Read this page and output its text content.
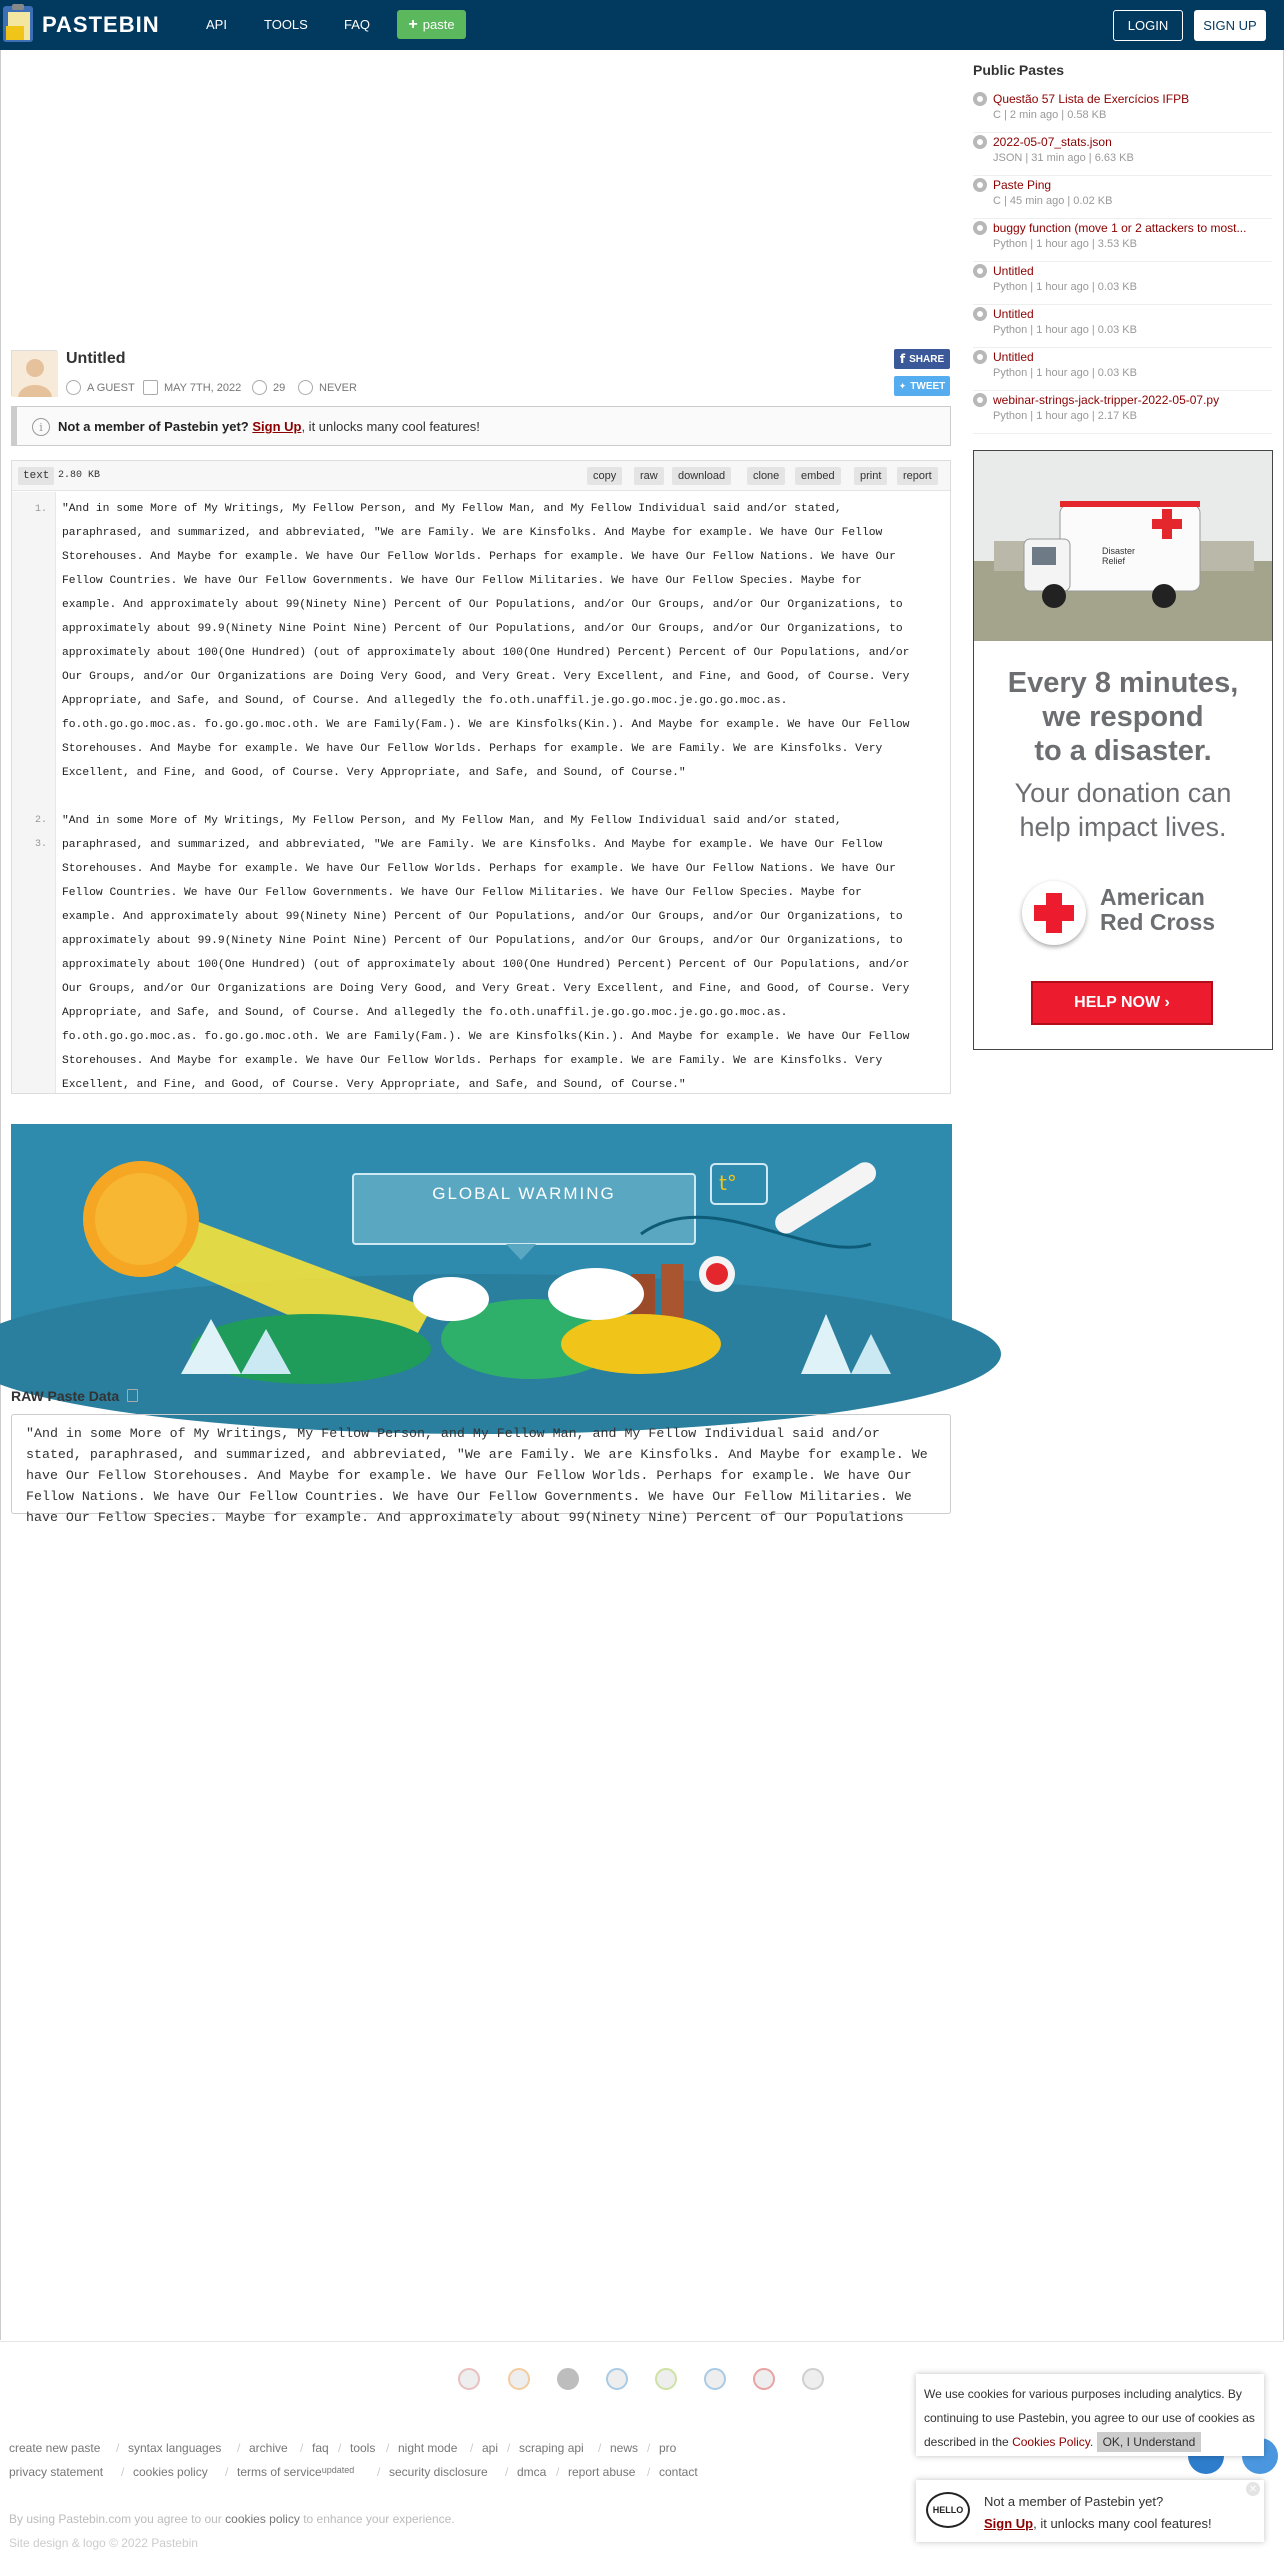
PASTEBIN	API	TOOLS	FAQ + paste	LOGIN	SIGN UP
Untitled
A GUEST	MAY 7TH, 2022	29	NEVER
f SHARE
✦ TWEET
i	Not a member of Pastebin yet? Sign Up, it unlocks many cool features!
text 2.80 KB	copy	raw	download	clone	embed	print	report
1.
2.
3.
"And in some More of My Writings, My Fellow Person, and My Fellow Man, and My Fellow Individual said and/or stated,
paraphrased, and summarized, and abbreviated, "We are Family. We are Kinsfolks. And Maybe for example. We have Our Fellow
Storehouses. And Maybe for example. We have Our Fellow Worlds. Perhaps for example. We have Our Fellow Nations. We have Our
Fellow Countries. We have Our Fellow Governments. We have Our Fellow Militaries. We have Our Fellow Species. Maybe for
example. And approximately about 99(Ninety Nine) Percent of Our Populations, and/or Our Groups, and/or Our Organizations, to
approximately about 99.9(Ninety Nine Point Nine) Percent of Our Populations, and/or Our Groups, and/or Our Organizations, to
approximately about 100(One Hundred) (out of approximately about 100(One Hundred) Percent) Percent of Our Populations, and/or
Our Groups, and/or Our Organizations are Doing Very Good, and Very Great. Very Excellent, and Fine, and Good, of Course. Very
Appropriate, and Safe, and Sound, of Course. And allegedly the fo.oth.unaffil.je.go.go.moc.je.go.go.moc.as.
fo.oth.go.go.moc.as. fo.go.go.moc.oth. We are Family(Fam.). We are Kinsfolks(Kin.). And Maybe for example. We have Our Fellow
Storehouses. And Maybe for example. We have Our Fellow Worlds. Perhaps for example. We are Family. We are Kinsfolks. Very
Excellent, and Fine, and Good, of Course. Very Appropriate, and Safe, and Sound, of Course."
"And in some More of My Writings, My Fellow Person, and My Fellow Man, and My Fellow Individual said and/or stated,
paraphrased, and summarized, and abbreviated, "We are Family. We are Kinsfolks. And Maybe for example. We have Our Fellow
Storehouses. And Maybe for example. We have Our Fellow Worlds. Perhaps for example. We have Our Fellow Nations. We have Our
Fellow Countries. We have Our Fellow Governments. We have Our Fellow Militaries. We have Our Fellow Species. Maybe for
example. And approximately about 99(Ninety Nine) Percent of Our Populations, and/or Our Groups, and/or Our Organizations, to
approximately about 99.9(Ninety Nine Point Nine) Percent of Our Populations, and/or Our Groups, and/or Our Organizations, to
approximately about 100(One Hundred) (out of approximately about 100(One Hundred) Percent) Percent of Our Populations, and/or
Our Groups, and/or Our Organizations are Doing Very Good, and Very Great. Very Excellent, and Fine, and Good, of Course. Very
Appropriate, and Safe, and Sound, of Course. And allegedly the fo.oth.unaffil.je.go.go.moc.je.go.go.moc.as.
fo.oth.go.go.moc.as. fo.go.go.moc.oth. We are Family(Fam.). We are Kinsfolks(Kin.). And Maybe for example. We have Our Fellow
Storehouses. And Maybe for example. We have Our Fellow Worlds. Perhaps for example. We are Family. We are Kinsfolks. Very
Excellent, and Fine, and Good, of Course. Very Appropriate, and Safe, and Sound, of Course."
GLOBAL WARMING	t°
RAW Paste Data
"And in some More of My Writings, My Fellow Person, and My Fellow Man, and My Fellow Individual said and/or stated, paraphrased, and summarized, and abbreviated, "We are Family. We are Kinsfolks. And Maybe for example. We have Our Fellow Storehouses. And Maybe for example. We have Our Fellow Worlds. Perhaps for example. We have Our Fellow Nations. We have Our Fellow Countries. We have Our Fellow Governments. We have Our Fellow Militaries. We have Our Fellow Species. Maybe for example. And approximately about 99(Ninety Nine) Percent of Our Populations
Public Pastes
Questão 57 Lista de Exercícios IFPB
C | 2 min ago | 0.58 KB
2022-05-07_stats.json
JSON | 31 min ago | 6.63 KB
Paste Ping
C | 45 min ago | 0.02 KB
buggy function (move 1 or 2 attackers to most...
Python | 1 hour ago | 3.53 KB
Untitled
Python | 1 hour ago | 0.03 KB
Untitled
Python | 1 hour ago | 0.03 KB
Untitled
Python | 1 hour ago | 0.03 KB
webinar-strings-jack-tripper-2022-05-07.py
Python | 1 hour ago | 2.17 KB
Disaster Relief
Every 8 minutes,
we respond
to a disaster.
Your donation can
help impact lives.
American
Red Cross
HELP NOW ›
create new paste / syntax languages / archive / faq / tools / night mode / api / scraping api / news / pro
privacy statement / cookies policy / terms of service$^{updated}$ / security disclosure / dmca / report abuse / contact
By using Pastebin.com you agree to our cookies policy to enhance your experience.
Site design & logo © 2022 Pastebin
We use cookies for various purposes including analytics. By continuing to use Pastebin, you agree to our use of cookies as described in the Cookies Policy. OK, I Understand
HELLO
Not a member of Pastebin yet?
Sign Up, it unlocks many cool features!
✕
